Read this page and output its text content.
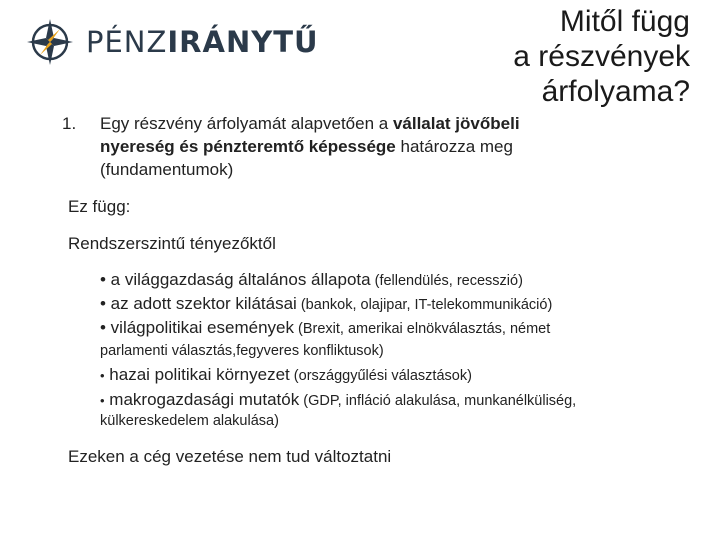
PÉNZIRÁNYTŰ
Mitől függ
a részvények
árfolyama?
1. Egy részvény árfolyamát alapvetően a vállalat jövőbeli
nyereség és pénzteremtő képessége határozza meg
(fundamentumok)
Ez függ:
Rendszerszintű tényezőktől
• a világgazdaság általános állapota (fellendülés, recesszió)
• az adott szektor kilátásai (bankok, olajipar, IT-telekommunikáció)
• világpolitikai események (Brexit, amerikai elnökválasztás, német
parlamenti választás,fegyveres konfliktusok)
• hazai politikai környezet (országgyűlési választások)
• makrogazdasági mutatók (GDP, infláció alakulása, munkanélküliség,
külkereskedelem alakulása)
Ezeken a cég vezetése nem tud változtatni
